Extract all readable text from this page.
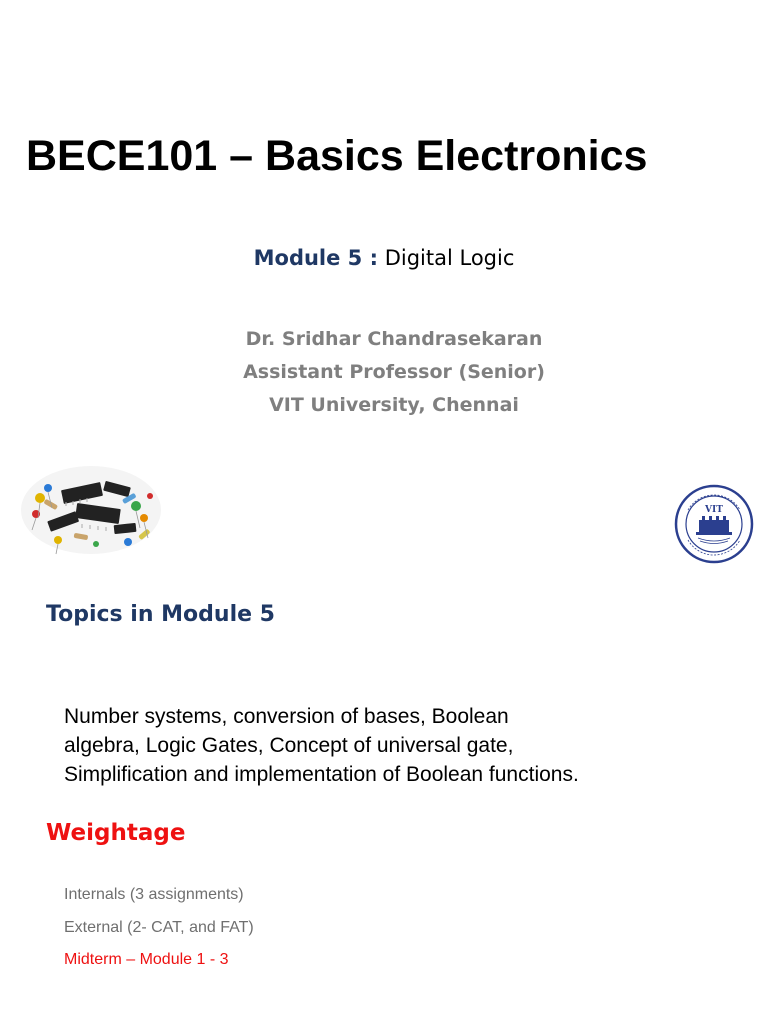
BECE101 – Basics Electronics
Module 5 : Digital Logic
Dr. Sridhar Chandrasekaran
Assistant Professor (Senior)
VIT University, Chennai
VIT
Topics in Module 5
Number systems, conversion of bases, Boolean
algebra, Logic Gates, Concept of universal gate,
Simplification and implementation of Boolean functions.
Weightage
Internals (3 assignments)
External (2- CAT, and FAT)
Midterm – Module 1 - 3
